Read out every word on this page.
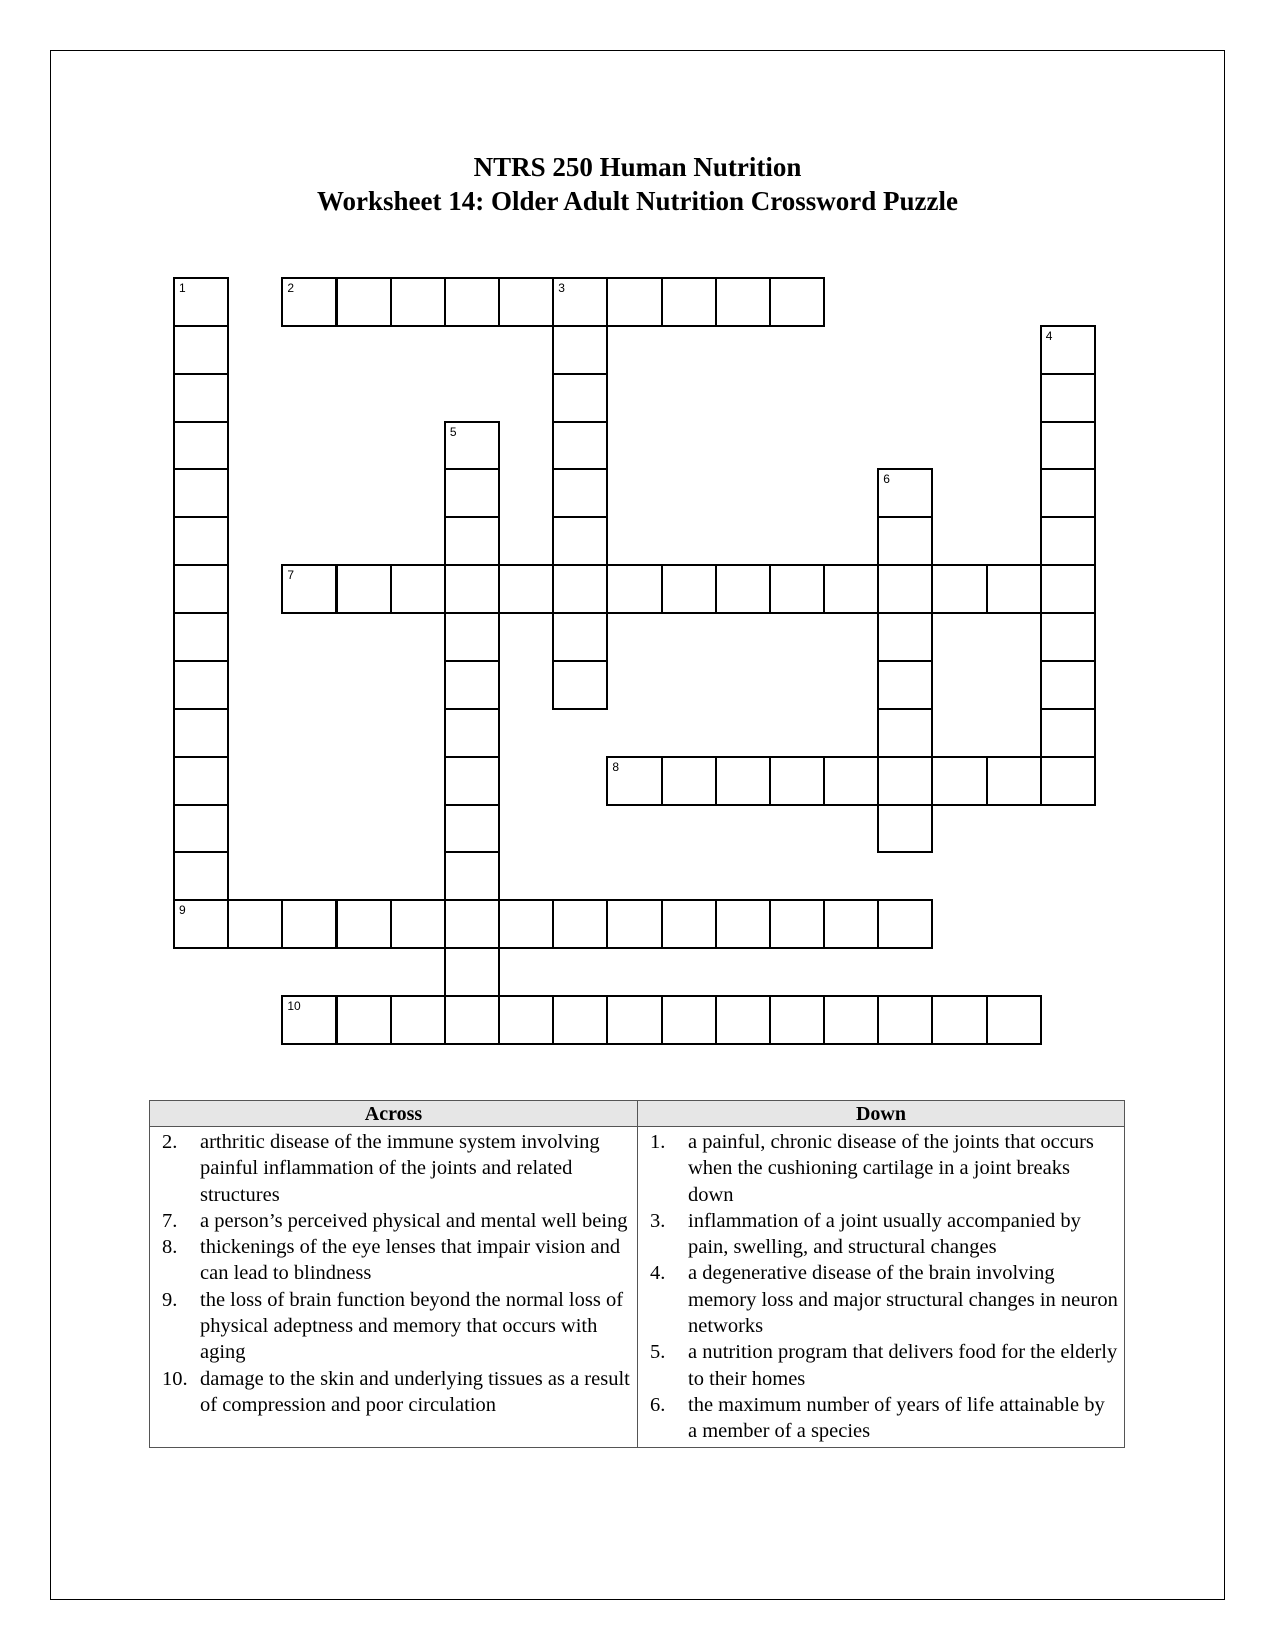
NTRS 250 Human Nutrition
Worksheet 14: Older Adult Nutrition Crossword Puzzle
1
9
2	3
4
5
6
7
8
10
Across	Down
2.	arthritic disease of the immune system involving painful inflammation of the joints and related structures
7.	a person’s perceived physical and mental well being
8.	thickenings of the eye lenses that impair vision and can lead to blindness
9.	the loss of brain function beyond the normal loss of physical adeptness and memory that occurs with aging
10. damage to the skin and underlying tissues as a result of compression and poor circulation
1.	a painful, chronic disease of the joints that occurs when the cushioning cartilage in a joint breaks down
3.	inflammation of a joint usually accompanied by pain, swelling, and structural changes
4.	a degenerative disease of the brain involving memory loss and major structural changes in neuron networks
5.	a nutrition program that delivers food for the elderly to their homes
6.	the maximum number of years of life attainable by a member of a species
